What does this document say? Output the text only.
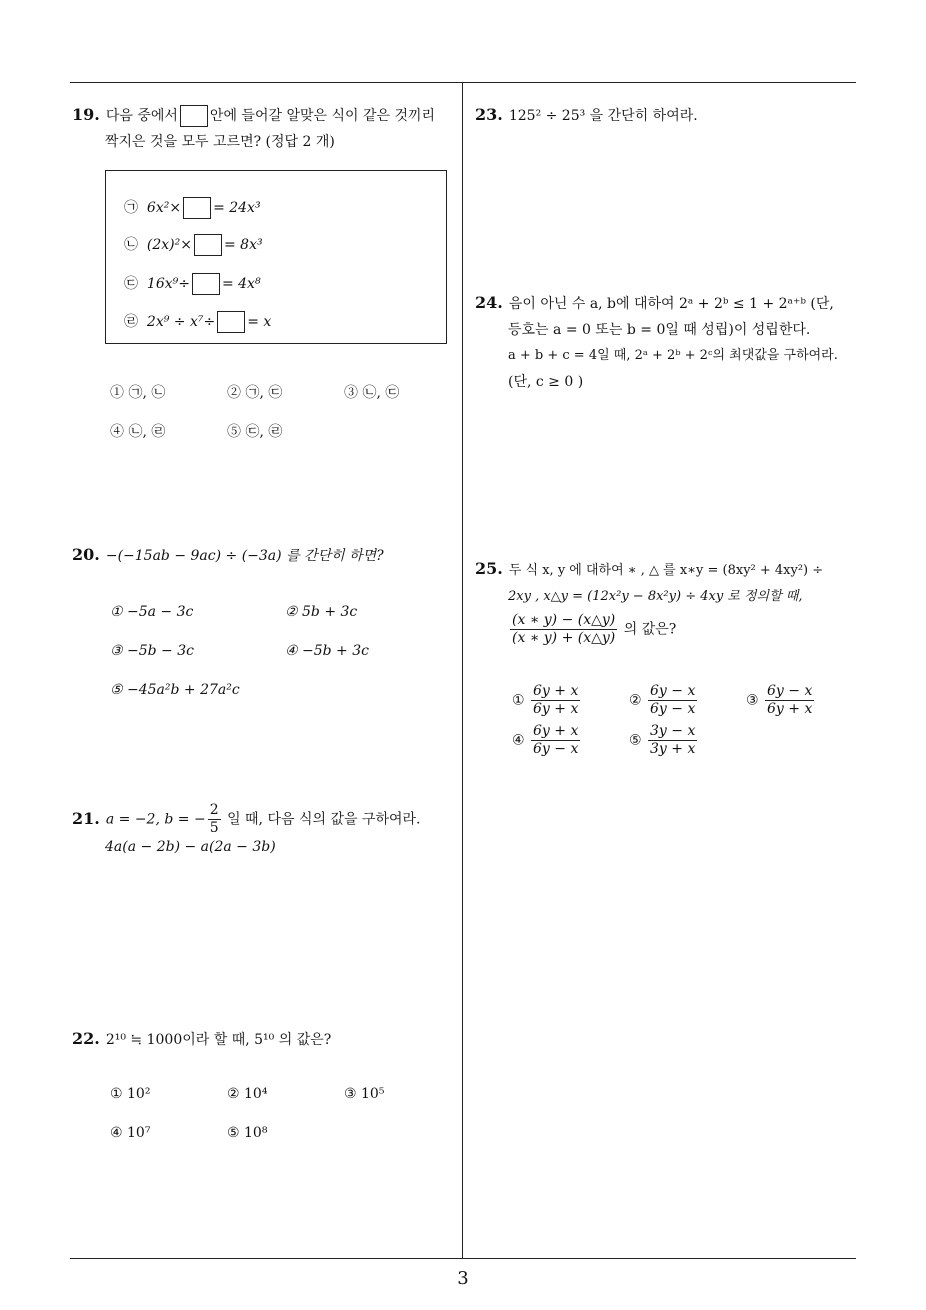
19. 다음 중에서 안에 들어갈 알맞은 식이 같은 것끼리
짝지은 것을 모두 고르면? (정답 2 개)
㉠ 6x²× = 24x³
㉡ (2x)²× = 8x³
㉢ 16x⁹÷ = 4x⁸
㉣ 2x⁹ ÷ x⁷÷ = x
① ㉠, ㉡	② ㉠, ㉢	③ ㉡, ㉢
④ ㉡, ㉣	⑤ ㉢, ㉣
20. −(−15ab − 9ac) ÷ (−3a) 를 간단히 하면?
① −5a − 3c	② 5b + 3c
③ −5b − 3c	④ −5b + 3c
⑤ −45a²b + 27a²c
21. a = −2, b = − $\frac{2}{5}$ 일 때, 다음 식의 값을 구하여라.
4a(a − 2b) − a(2a − 3b)
22. 2¹⁰ ≒ 1000이라 할 때, 5¹⁰ 의 값은?
① 10²	② 10⁴	③ 10⁵
④ 10⁷	⑤ 10⁸
23. 125² ÷ 25³ 을 간단히 하여라.
24. 음이 아닌 수 a, b에 대하여 2ᵃ + 2ᵇ ≤ 1 + 2ᵃ⁺ᵇ (단,
등호는 a = 0 또는 b = 0일 때 성립)이 성립한다.
a + b + c = 4일 때, 2ᵃ + 2ᵇ + 2ᶜ의 최댓값을 구하여라.
(단, c ≥ 0 )
25. 두 식 x, y 에 대하여 ∗ , △ 를 x∗y = (8xy² + 4xy²) ÷
2xy , x△y = (12x²y − 8x²y) ÷ 4xy 로 정의할 때,
$\frac{(x ∗ y) - (x\triangle y)}{(x ∗ y) + (x\triangle y)}$ 의 값은?
① $\frac{6y + x}{6y + x}$	② $\frac{6y - x}{6y - x}$	③ $\frac{6y - x}{6y + x}$
④ $\frac{6y + x}{6y - x}$	⑤ $\frac{3y - x}{3y + x}$
3
